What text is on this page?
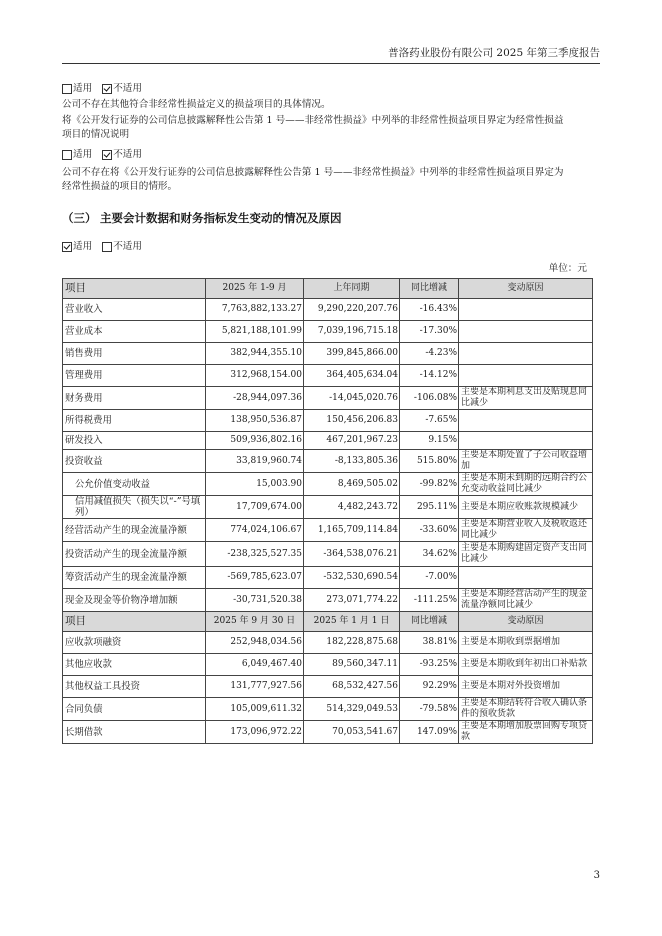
普洛药业股份有限公司 2025 年第三季度报告
适用 不适用
公司不存在其他符合非经常性损益定义的损益项目的具体情况。
将《公开发行证券的公司信息披露解释性公告第 1 号——非经常性损益》中列举的非经常性损益项目界定为经常性损益
项目的情况说明
适用 不适用
公司不存在将《公开发行证券的公司信息披露解释性公告第 1 号——非经常性损益》中列举的非经常性损益项目界定为
经常性损益的项目的情形。
（三） 主要会计数据和财务指标发生变动的情况及原因
适用 不适用
单位：元
项目	2025 年 1-9 月	上年同期	同比增减	变动原因
营业收入	7,763,882,133.27	9,290,220,207.76	-16.43%	
营业成本	5,821,188,101.99	7,039,196,715.18	-17.30%	
销售费用	382,944,355.10	399,845,866.00	-4.23%	
管理费用	312,968,154.00	364,405,634.04	-14.12%	
财务费用	-28,944,097.36	-14,045,020.76	-106.08%	主要是本期利息支出及贴现息同比减少
所得税费用	138,950,536.87	150,456,206.83	-7.65%	
研发投入	509,936,802.16	467,201,967.23	9.15%	
投资收益	33,819,960.74	-8,133,805.36	515.80%	主要是本期处置了子公司收益增加
公允价值变动收益	15,003.90	8,469,505.02	-99.82%	主要是本期未到期的远期合约公允变动收益同比减少
信用减值损失（损失以“-”号填列）	17,709,674.00	4,482,243.72	295.11%	主要是本期应收账款规模减少
经营活动产生的现金流量净额	774,024,106.67	1,165,709,114.84	-33.60%	主要是本期营业收入及税收返还同比减少
投资活动产生的现金流量净额	-238,325,527.35	-364,538,076.21	34.62%	主要是本期购建固定资产支出同比减少
筹资活动产生的现金流量净额	-569,785,623.07	-532,530,690.54	-7.00%	
现金及现金等价物净增加额	-30,731,520.38	273,071,774.22	-111.25%	主要是本期经营活动产生的现金流量净额同比减少
项目	2025 年 9 月 30 日	2025 年 1 月 1 日	同比增减	变动原因
应收款项融资	252,948,034.56	182,228,875.68	38.81%	主要是本期收到票据增加
其他应收款	6,049,467.40	89,560,347.11	-93.25%	主要是本期收到年初出口补贴款
其他权益工具投资	131,777,927.56	68,532,427.56	92.29%	主要是本期对外投资增加
合同负债	105,009,611.32	514,329,049.53	-79.58%	主要是本期结转符合收入确认条件的预收货款
长期借款	173,096,972.22	70,053,541.67	147.09%	主要是本期增加股票回购专项贷款
3
